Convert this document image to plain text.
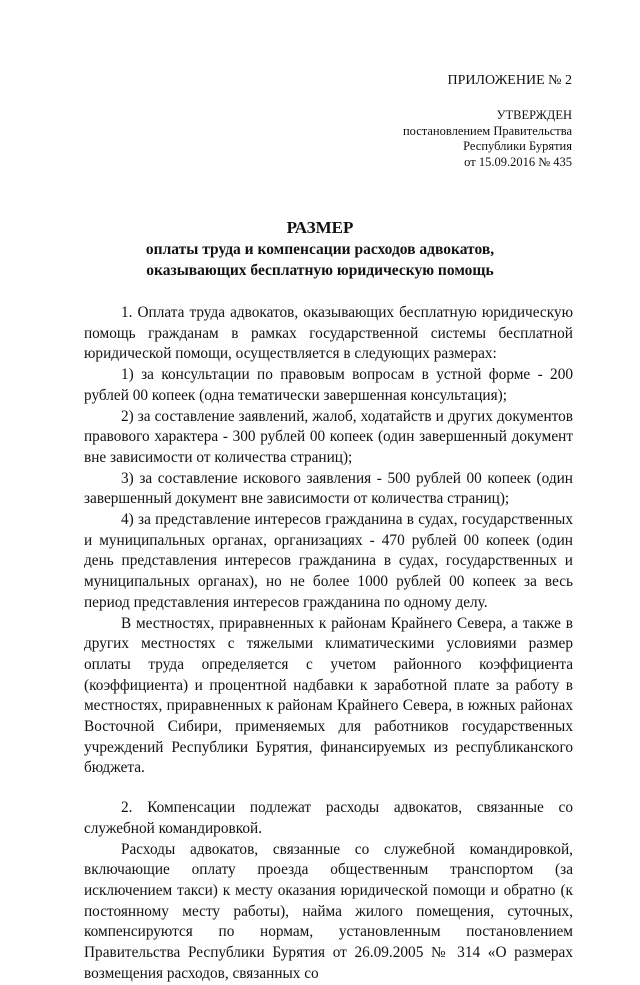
ПРИЛОЖЕНИЕ № 2
УТВЕРЖДЕН
постановлением Правительства
Республики Бурятия
от 15.09.2016 № 435
РАЗМЕР
оплаты труда и компенсации расходов адвокатов,
оказывающих бесплатную юридическую помощь

1. Оплата труда адвокатов, оказывающих бесплатную юридическую помощь гражданам в рамках государственной системы бесплатной юридической помощи, осуществляется в следующих размерах:

1) за консультации по правовым вопросам в устной форме - 200 рублей 00 копеек (одна тематически завершенная консультация);

2) за составление заявлений, жалоб, ходатайств и других документов правового характера - 300 рублей 00 копеек (один завершенный документ вне зависимости от количества страниц);

3) за составление искового заявления - 500 рублей 00 копеек (один завершенный документ вне зависимости от количества страниц);

4) за представление интересов гражданина в судах, государственных и муниципальных органах, организациях - 470 рублей 00 копеек (один день представления интересов гражданина в судах, государственных и муниципальных органах), но не более 1000 рублей 00 копеек за весь период представления интересов гражданина по одному делу.

В местностях, приравненных к районам Крайнего Севера, а также в других местностях с тяжелыми климатическими условиями размер оплаты труда определяется с учетом районного коэффициента (коэффициента) и процентной надбавки к заработной плате за работу в местностях, приравненных к районам Крайнего Севера, в южных районах Восточной Сибири, применяемых для работников государственных учреждений Республики Бурятия, финансируемых из республиканского бюджета.

2. Компенсации подлежат расходы адвокатов, связанные со служебной командировкой.

Расходы адвокатов, связанные со служебной командировкой, включающие оплату проезда общественным транспортом (за исключением такси) к месту оказания юридической помощи и обратно (к постоянному месту работы), найма жилого помещения, суточных, компенсируются по нормам, установленным постановлением Правительства Республики Бурятия от 26.09.2005 № 314 «О размерах возмещения расходов, связанных со
